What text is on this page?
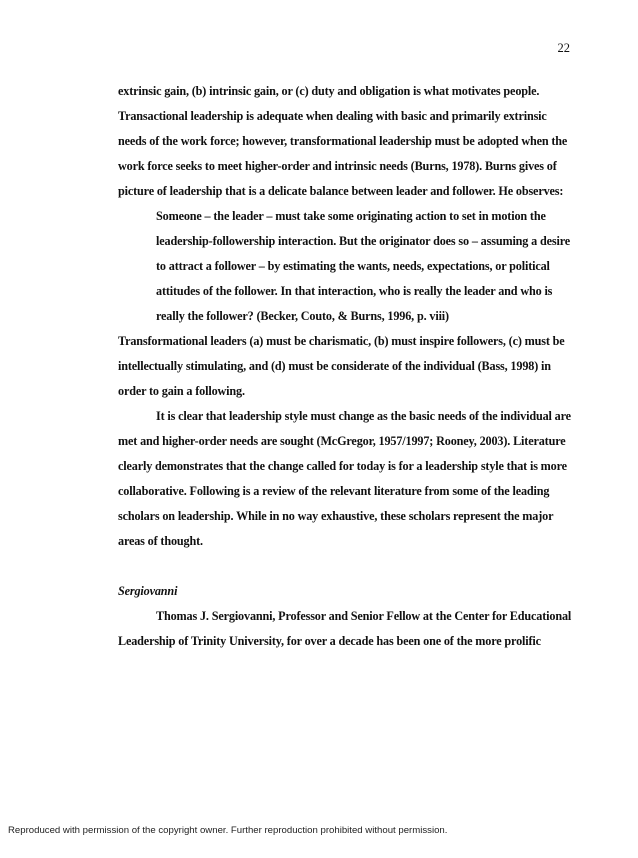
22
extrinsic gain, (b) intrinsic gain, or (c) duty and obligation is what motivates people.
Transactional leadership is adequate when dealing with basic and primarily extrinsic
needs of the work force; however, transformational leadership must be adopted when the
work force seeks to meet higher-order and intrinsic needs (Burns, 1978). Burns gives of
picture of leadership that is a delicate balance between leader and follower. He observes:
Someone – the leader – must take some originating action to set in motion the
leadership-followership interaction. But the originator does so – assuming a desire
to attract a follower – by estimating the wants, needs, expectations, or political
attitudes of the follower. In that interaction, who is really the leader and who is
really the follower? (Becker, Couto, & Burns, 1996, p. viii)
Transformational leaders (a) must be charismatic, (b) must inspire followers, (c) must be
intellectually stimulating, and (d) must be considerate of the individual (Bass, 1998) in
order to gain a following.
It is clear that leadership style must change as the basic needs of the individual are
met and higher-order needs are sought (McGregor, 1957/1997; Rooney, 2003). Literature
clearly demonstrates that the change called for today is for a leadership style that is more
collaborative. Following is a review of the relevant literature from some of the leading
scholars on leadership. While in no way exhaustive, these scholars represent the major
areas of thought.
Sergiovanni
Thomas J. Sergiovanni, Professor and Senior Fellow at the Center for Educational
Leadership of Trinity University, for over a decade has been one of the more prolific
Reproduced with permission of the copyright owner. Further reproduction prohibited without permission.
